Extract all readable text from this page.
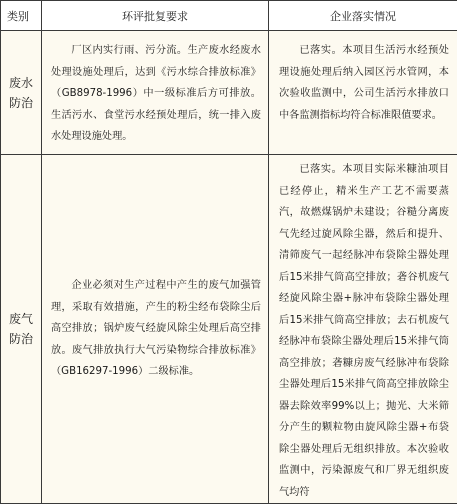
类别	环评批复要求	企业落实情况

废水
防治	厂区内实行雨、污分流。生产废水经废水处理设施处理后，达到《污水综合排放标准》（GB8978-1996）中一级标准后方可排放。生活污水、食堂污水经预处理后，统一排入废水处理设施处理。	已落实。本项目生活污水经预处理设施处理后纳入园区污水管网，本次验收监测中，公司生活污水排放口中各监测指标均符合标准限值要求。

废气
防治	企业必须对生产过程中产生的废气加强管理，采取有效措施，产生的粉尘经布袋除尘后高空排放；锅炉废气经旋风除尘处理后高空排放。废气排放执行大气污染物综合排放标准》（GB16297-1996）二级标准。	已落实。本项目实际米糠油项目已经停止，精米生产工艺不需要蒸汽，故燃煤锅炉未建设；谷糙分离废气先经过旋风除尘器，然后和提升、清筛废气一起经脉冲布袋除尘器处理后15米排气筒高空排放；砻谷机废气经旋风除尘器+脉冲布袋除尘器处理后15米排气筒高空排放；去石机废气经脉冲布袋除尘器处理后15米排气筒高空排放；砻糠房废气经脉冲布袋除尘器处理后15米排气筒高空排放除尘器去除效率99%以上；抛光、大米筛分产生的颗粒物由旋风除尘器+布袋除尘器处理后无组织排放。本次验收监测中，污染源废气和厂界无组织废气均符
